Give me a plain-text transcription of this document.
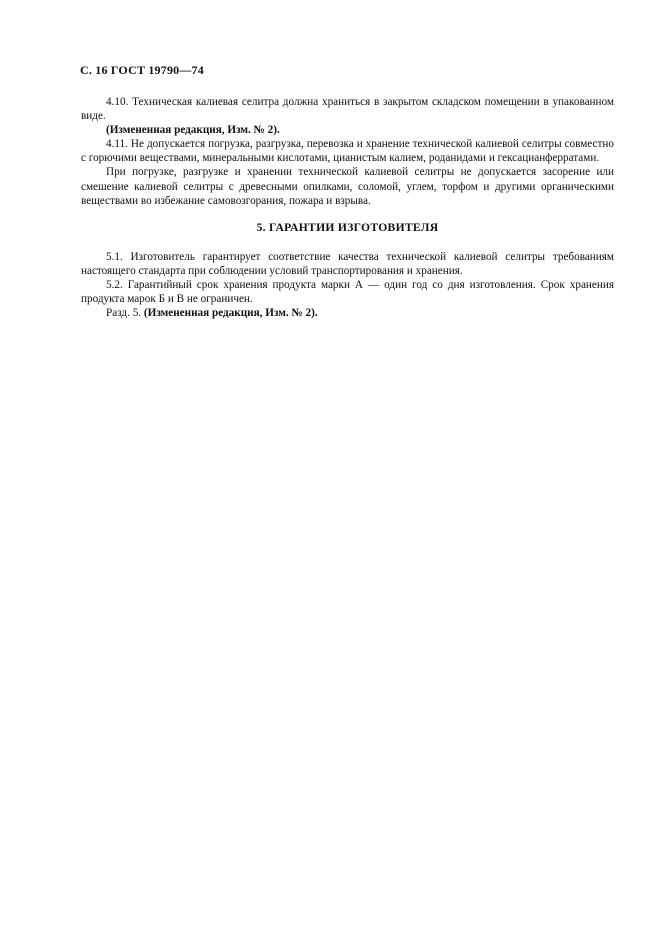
С. 16 ГОСТ 19790—74

4.10. Техническая калиевая селитра должна храниться в закрытом складском помещении в упакованном виде.

(Измененная редакция, Изм. № 2).

4.11. Не допускается погрузка, разгрузка, перевозка и хранение технической калиевой селитры совместно с горючими веществами, минеральными кислотами, цианистым калием, роданидами и гексацианферратами.

При погрузке, разгрузке и хранении технической калиевой селитры не допускается засорение или смешение калиевой селитры с древесными опилками, соломой, углем, торфом и другими органическими веществами во избежание самовозгорания, пожара и взрыва.

5. ГАРАНТИИ ИЗГОТОВИТЕЛЯ

5.1. Изготовитель гарантирует соответствие качества технической калиевой селитры требованиям настоящего стандарта при соблюдении условий транспортирования и хранения.

5.2. Гарантийный срок хранения продукта марки А — один год со дня изготовления. Срок хранения продукта марок Б и В не ограничен.

Разд. 5. (Измененная редакция, Изм. № 2).
